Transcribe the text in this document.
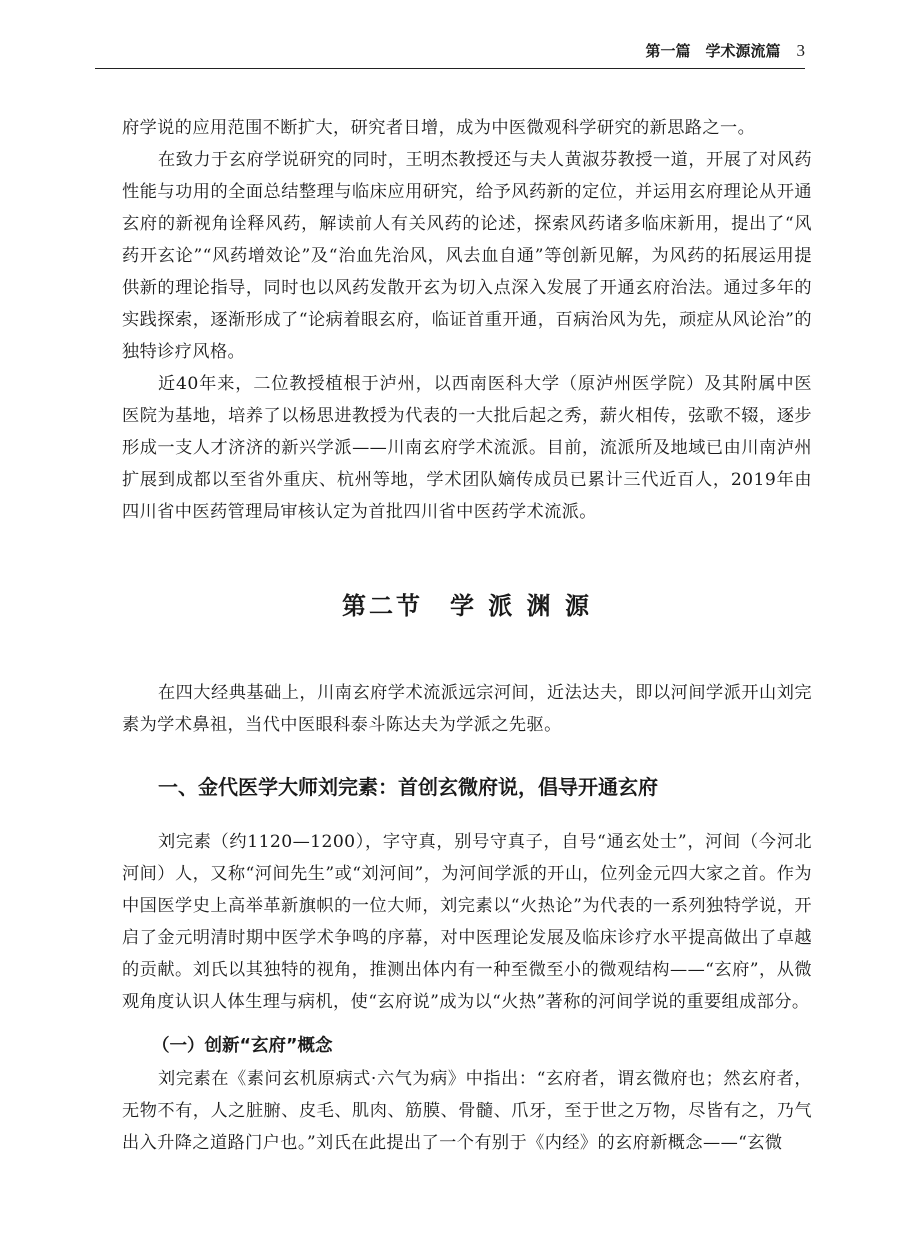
第一篇　学术源流篇 3

府学说的应用范围不断扩大，研究者日增，成为中医微观科学研究的新思路之一。

在致力于玄府学说研究的同时，王明杰教授还与夫人黄淑芬教授一道，开展了对风药性能与功用的全面总结整理与临床应用研究，给予风药新的定位，并运用玄府理论从开通玄府的新视角诠释风药，解读前人有关风药的论述，探索风药诸多临床新用，提出了“风药开玄论”“风药增效论”及“治血先治风，风去血自通”等创新见解，为风药的拓展运用提供新的理论指导，同时也以风药发散开玄为切入点深入发展了开通玄府治法。通过多年的实践探索，逐渐形成了“论病着眼玄府，临证首重开通，百病治风为先，顽症从风论治”的独特诊疗风格。

近40年来，二位教授植根于泸州，以西南医科大学（原泸州医学院）及其附属中医医院为基地，培养了以杨思进教授为代表的一大批后起之秀，薪火相传，弦歌不辍，逐步形成一支人才济济的新兴学派——川南玄府学术流派。目前，流派所及地域已由川南泸州扩展到成都以至省外重庆、杭州等地，学术团队嫡传成员已累计三代近百人，2019年由四川省中医药管理局审核认定为首批四川省中医药学术流派。

第二节　学 派 渊 源

在四大经典基础上，川南玄府学术流派远宗河间，近法达夫，即以河间学派开山刘完素为学术鼻祖，当代中医眼科泰斗陈达夫为学派之先驱。

一、金代医学大师刘完素：首创玄微府说，倡导开通玄府

刘完素（约1120—1200），字守真，别号守真子，自号“通玄处士”，河间（今河北河间）人，又称“河间先生”或“刘河间”，为河间学派的开山，位列金元四大家之首。作为中国医学史上高举革新旗帜的一位大师，刘完素以“火热论”为代表的一系列独特学说，开启了金元明清时期中医学术争鸣的序幕，对中医理论发展及临床诊疗水平提高做出了卓越的贡献。刘氏以其独特的视角，推测出体内有一种至微至小的微观结构——“玄府”，从微观角度认识人体生理与病机，使“玄府说”成为以“火热”著称的河间学说的重要组成部分。

（一）创新“玄府”概念

刘完素在《素问玄机原病式·六气为病》中指出：“玄府者，谓玄微府也；然玄府者，无物不有，人之脏腑、皮毛、肌肉、筋膜、骨髓、爪牙，至于世之万物，尽皆有之，乃气出入升降之道路门户也。”刘氏在此提出了一个有别于《内经》的玄府新概念——“玄微
